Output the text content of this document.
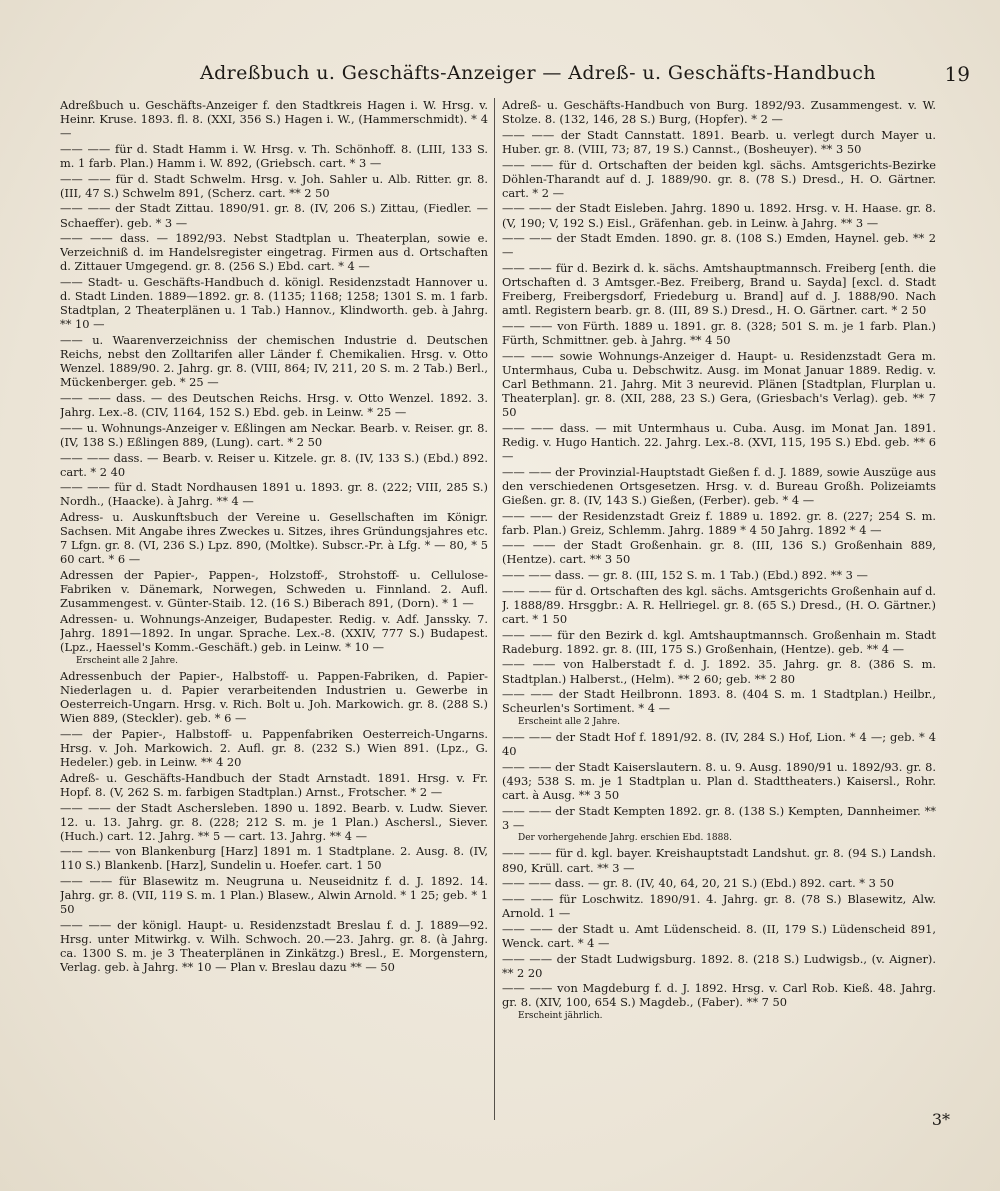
Adreßbuch u. Geschäfts-Anzeiger — Adreß- u. Geschäfts-Handbuch	19

Adreßbuch u. Geschäfts-Anzeiger f. den Stadtkreis Hagen i. W. Hrsg. v. Heinr. Kruse. 1893. fl. 8. (XXI, 356 S.) Hagen i. W., (Hammerschmidt). * 4 —

—— —— für d. Stadt Hamm i. W. Hrsg. v. Th. Schönhoff. 8. (LIII, 133 S. m. 1 farb. Plan.) Hamm i. W. 892, (Griebsch. cart. * 3 —

—— —— für d. Stadt Schwelm. Hrsg. v. Joh. Sahler u. Alb. Ritter. gr. 8. (III, 47 S.) Schwelm 891, (Scherz. cart. ** 2 50

—— —— der Stadt Zittau. 1890/91. gr. 8. (IV, 206 S.) Zittau, (Fiedler. — Schaeffer). geb. * 3 —

—— —— dass. — 1892/93. Nebst Stadtplan u. Theaterplan, sowie e. Verzeichniß d. im Handelsregister eingetrag. Firmen aus d. Ortschaften d. Zittauer Umgegend. gr. 8. (256 S.) Ebd. cart. * 4 —

—— Stadt- u. Geschäfts-Handbuch d. königl. Residenzstadt Hannover u. d. Stadt Linden. 1889—1892. gr. 8. (1135; 1168; 1258; 1301 S. m. 1 farb. Stadtplan, 2 Theaterplänen u. 1 Tab.) Hannov., Klindworth. geb. à Jahrg. ** 10 —

—— u. Waarenverzeichniss der chemischen Industrie d. Deutschen Reichs, nebst den Zolltarifen aller Länder f. Chemikalien. Hrsg. v. Otto Wenzel. 1889/90. 2. Jahrg. gr. 8. (VIII, 864; IV, 211, 20 S. m. 2 Tab.) Berl., Mückenberger. geb. * 25 —

—— —— dass. — des Deutschen Reichs. Hrsg. v. Otto Wenzel. 1892. 3. Jahrg. Lex.-8. (CIV, 1164, 152 S.) Ebd. geb. in Leinw. * 25 —

—— u. Wohnungs-Anzeiger v. Eßlingen am Neckar. Bearb. v. Reiser. gr. 8. (IV, 138 S.) Eßlingen 889, (Lung). cart. * 2 50

—— —— dass. — Bearb. v. Reiser u. Kitzele. gr. 8. (IV, 133 S.) (Ebd.) 892. cart. * 2 40

—— —— für d. Stadt Nordhausen 1891 u. 1893. gr. 8. (222; VIII, 285 S.) Nordh., (Haacke). à Jahrg. ** 4 —

Adress- u. Auskunftsbuch der Vereine u. Gesellschaften im Königr. Sachsen. Mit Angabe ihres Zweckes u. Sitzes, ihres Gründungsjahres etc. 7 Lfgn. gr. 8. (VI, 236 S.) Lpz. 890, (Moltke). Subscr.-Pr. à Lfg. * — 80, * 5 60 cart. * 6 —

Adressen der Papier-, Pappen-, Holzstoff-, Strohstoff- u. Cellulose-Fabriken v. Dänemark, Norwegen, Schweden u. Finnland. 2. Aufl. Zusammengest. v. Günter-Staib. 12. (16 S.) Biberach 891, (Dorn). * 1 —

Adressen- u. Wohnungs-Anzeiger, Budapester. Redig. v. Adf. Janssky. 7. Jahrg. 1891—1892. In ungar. Sprache. Lex.-8. (XXIV, 777 S.) Budapest. (Lpz., Haessel's Komm.-Geschäft.) geb. in Leinw. * 10 —

Erscheint alle 2 Jahre.

Adressenbuch der Papier-, Halbstoff- u. Pappen-Fabriken, d. Papier-Niederlagen u. d. Papier verarbeitenden Industrien u. Gewerbe in Oesterreich-Ungarn. Hrsg. v. Rich. Bolt u. Joh. Markowich. gr. 8. (288 S.) Wien 889, (Steckler). geb. * 6 —

—— der Papier-, Halbstoff- u. Pappenfabriken Oesterreich-Ungarns. Hrsg. v. Joh. Markowich. 2. Aufl. gr. 8. (232 S.) Wien 891. (Lpz., G. Hedeler.) geb. in Leinw. ** 4 20

Adreß- u. Geschäfts-Handbuch der Stadt Arnstadt. 1891. Hrsg. v. Fr. Hopf. 8. (V, 262 S. m. farbigen Stadtplan.) Arnst., Frotscher. * 2 —

—— —— der Stadt Aschersleben. 1890 u. 1892. Bearb. v. Ludw. Siever. 12. u. 13. Jahrg. gr. 8. (228; 212 S. m. je 1 Plan.) Aschersl., Siever. (Huch.) cart. 12. Jahrg. ** 5 — cart. 13. Jahrg. ** 4 —

—— —— von Blankenburg [Harz] 1891 m. 1 Stadtplane. 2. Ausg. 8. (IV, 110 S.) Blankenb. [Harz], Sundelin u. Hoefer. cart. 1 50

—— —— für Blasewitz m. Neugruna u. Neuseidnitz f. d. J. 1892. 14. Jahrg. gr. 8. (VII, 119 S. m. 1 Plan.) Blasew., Alwin Arnold. * 1 25; geb. * 1 50

—— —— der königl. Haupt- u. Residenzstadt Breslau f. d. J. 1889—92. Hrsg. unter Mitwirkg. v. Wilh. Schwoch. 20.—23. Jahrg. gr. 8. (à Jahrg. ca. 1300 S. m. je 3 Theaterplänen in Zinkätzg.) Bresl., E. Morgenstern, Verlag. geb. à Jahrg. ** 10 — Plan v. Breslau dazu ** — 50

Adreß- u. Geschäfts-Handbuch von Burg. 1892/93. Zusammengest. v. W. Stolze. 8. (132, 146, 28 S.) Burg, (Hopfer). * 2 —

—— —— der Stadt Cannstatt. 1891. Bearb. u. verlegt durch Mayer u. Huber. gr. 8. (VIII, 73; 87, 19 S.) Cannst., (Bosheuyer). ** 3 50

—— —— für d. Ortschaften der beiden kgl. sächs. Amtsgerichts-Bezirke Döhlen-Tharandt auf d. J. 1889/90. gr. 8. (78 S.) Dresd., H. O. Gärtner. cart. * 2 —

—— —— der Stadt Eisleben. Jahrg. 1890 u. 1892. Hrsg. v. H. Haase. gr. 8. (V, 190; V, 192 S.) Eisl., Gräfenhan. geb. in Leinw. à Jahrg. ** 3 —

—— —— der Stadt Emden. 1890. gr. 8. (108 S.) Emden, Haynel. geb. ** 2 —

—— —— für d. Bezirk d. k. sächs. Amtshauptmannsch. Freiberg [enth. die Ortschaften d. 3 Amtsger.-Bez. Freiberg, Brand u. Sayda] [excl. d. Stadt Freiberg, Freibergsdorf, Friedeburg u. Brand] auf d. J. 1888/90. Nach amtl. Registern bearb. gr. 8. (III, 89 S.) Dresd., H. O. Gärtner. cart. * 2 50

—— —— von Fürth. 1889 u. 1891. gr. 8. (328; 501 S. m. je 1 farb. Plan.) Fürth, Schmittner. geb. à Jahrg. ** 4 50

—— —— sowie Wohnungs-Anzeiger d. Haupt- u. Residenzstadt Gera m. Untermhaus, Cuba u. Debschwitz. Ausg. im Monat Januar 1889. Redig. v. Carl Bethmann. 21. Jahrg. Mit 3 neurevid. Plänen [Stadtplan, Flurplan u. Theaterplan]. gr. 8. (XII, 288, 23 S.) Gera, (Griesbach's Verlag). geb. ** 7 50

—— —— dass. — mit Untermhaus u. Cuba. Ausg. im Monat Jan. 1891. Redig. v. Hugo Hantich. 22. Jahrg. Lex.-8. (XVI, 115, 195 S.) Ebd. geb. ** 6 —

—— —— der Provinzial-Hauptstadt Gießen f. d. J. 1889, sowie Auszüge aus den verschiedenen Ortsgesetzen. Hrsg. v. d. Bureau Großh. Polizeiamts Gießen. gr. 8. (IV, 143 S.) Gießen, (Ferber). geb. * 4 —

—— —— der Residenzstadt Greiz f. 1889 u. 1892. gr. 8. (227; 254 S. m. farb. Plan.) Greiz, Schlemm. Jahrg. 1889 * 4 50 Jahrg. 1892 * 4 —

—— —— der Stadt Großenhain. gr. 8. (III, 136 S.) Großenhain 889, (Hentze). cart. ** 3 50

—— —— dass. — gr. 8. (III, 152 S. m. 1 Tab.) (Ebd.) 892. ** 3 —

—— —— für d. Ortschaften des kgl. sächs. Amtsgerichts Großenhain auf d. J. 1888/89. Hrsggbr.: A. R. Hellriegel. gr. 8. (65 S.) Dresd., (H. O. Gärtner.) cart. * 1 50

—— —— für den Bezirk d. kgl. Amtshauptmannsch. Großenhain m. Stadt Radeburg. 1892. gr. 8. (III, 175 S.) Großenhain, (Hentze). geb. ** 4 —

—— —— von Halberstadt f. d. J. 1892. 35. Jahrg. gr. 8. (386 S. m. Stadtplan.) Halberst., (Helm). ** 2 60; geb. ** 2 80

—— —— der Stadt Heilbronn. 1893. 8. (404 S. m. 1 Stadtplan.) Heilbr., Scheurlen's Sortiment. * 4 —

Erscheint alle 2 Jahre.

—— —— der Stadt Hof f. 1891/92. 8. (IV, 284 S.) Hof, Lion. * 4 —; geb. * 4 40

—— —— der Stadt Kaiserslautern. 8. u. 9. Ausg. 1890/91 u. 1892/93. gr. 8. (493; 538 S. m. je 1 Stadtplan u. Plan d. Stadttheaters.) Kaisersl., Rohr. cart. à Ausg. ** 3 50

—— —— der Stadt Kempten 1892. gr. 8. (138 S.) Kempten, Dannheimer. ** 3 —

Der vorhergehende Jahrg. erschien Ebd. 1888.

—— —— für d. kgl. bayer. Kreishauptstadt Landshut. gr. 8. (94 S.) Landsh. 890, Krüll. cart. ** 3 —

—— —— dass. — gr. 8. (IV, 40, 64, 20, 21 S.) (Ebd.) 892. cart. * 3 50

—— —— für Loschwitz. 1890/91. 4. Jahrg. gr. 8. (78 S.) Blasewitz, Alw. Arnold. 1 —

—— —— der Stadt u. Amt Lüdenscheid. 8. (II, 179 S.) Lüdenscheid 891, Wenck. cart. * 4 —

—— —— der Stadt Ludwigsburg. 1892. 8. (218 S.) Ludwigsb., (v. Aigner). ** 2 20

—— —— von Magdeburg f. d. J. 1892. Hrsg. v. Carl Rob. Kieß. 48. Jahrg. gr. 8. (XIV, 100, 654 S.) Magdeb., (Faber). ** 7 50

Erscheint jährlich.

3*
